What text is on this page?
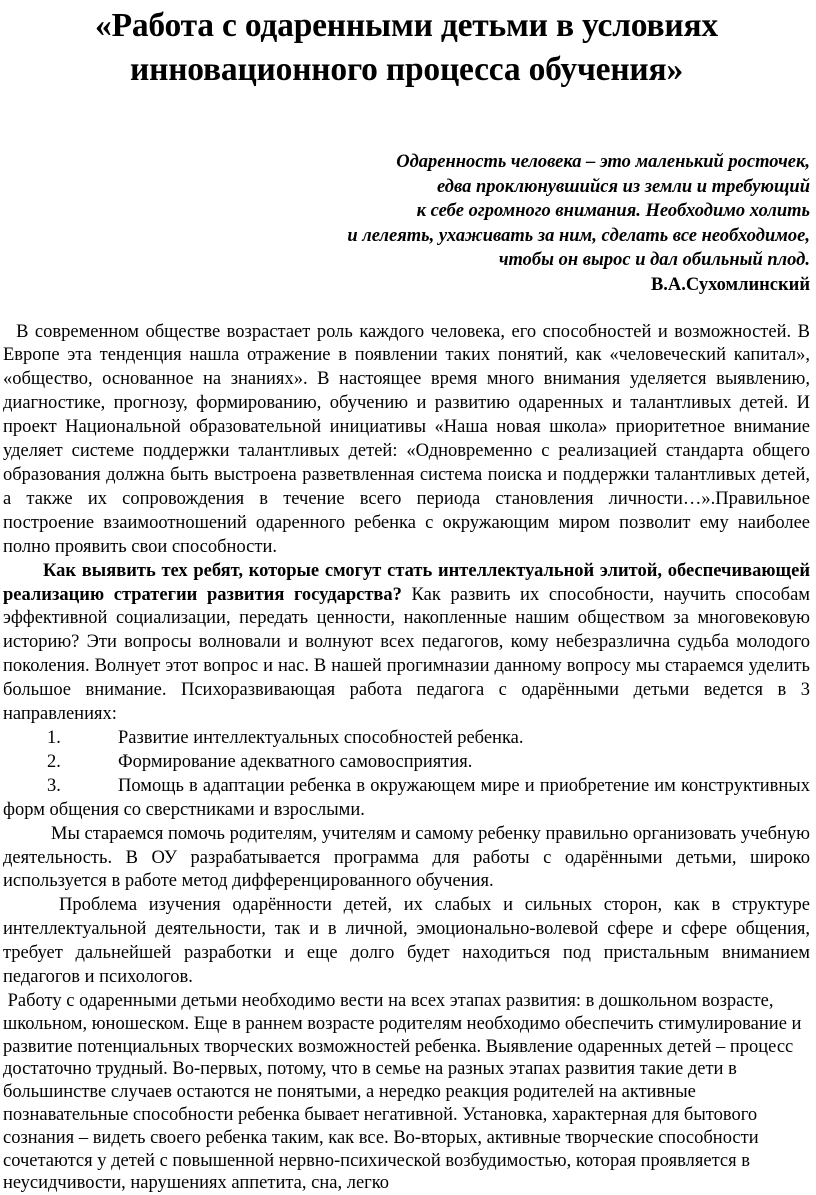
«Работа с одаренными детьми в условиях
инновационного процесса обучения»
Одаренность человека – это маленький росточек,
едва проклюнувшийся из земли и требующий
к себе огромного внимания. Необходимо холить
и лелеять, ухаживать за ним, сделать все необходимое,
чтобы он вырос и дал обильный плод.
В.А.Сухомлинский

В современном обществе возрастает роль каждого человека, его способностей и возможностей. В Европе эта тенденция нашла отражение в появлении таких понятий, как «человеческий капитал», «общество, основанное на знаниях». В настоящее время много внимания уделяется выявлению, диагностике, прогнозу, формированию, обучению и развитию одаренных и талантливых детей. И проект Национальной образовательной инициативы «Наша новая школа» приоритетное внимание уделяет системе поддержки талантливых детей: «Одновременно с реализацией стандарта общего образования должна быть выстроена разветвленная система поиска и поддержки талантливых детей, а также их сопровождения в течение всего периода становления личности…».Правильное построение взаимоотношений одаренного ребенка с окружающим миром позволит ему наиболее полно проявить свои способности.

Как выявить тех ребят, которые смогут стать интеллектуальной элитой, обеспечивающей реализацию стратегии развития государства? Как развить их способности, научить способам эффективной социализации, передать ценности, накопленные нашим обществом за многовековую историю? Эти вопросы волновали и волнуют всех педагогов, кому небезразлична судьба молодого поколения. Волнует этот вопрос и нас. В нашей прогимназии данному вопросу мы стараемся уделить большое внимание. Психоразвивающая работа педагога с одарёнными детьми ведется в 3 направлениях:

1.	Развитие интеллектуальных способностей ребенка.
2.	Формирование адекватного самовосприятия.

3.	Помощь в адаптации ребенка в окружающем мире и приобретение им конструктивных форм общения со сверстниками и взрослыми.

Мы стараемся помочь родителям, учителям и самому ребенку правильно организовать учебную деятельность. В ОУ разрабатывается программа для работы с одарёнными детьми, широко используется в работе метод дифференцированного обучения.

Проблема изучения одарённости детей, их слабых и сильных сторон, как в структуре интеллектуальной деятельности, так и в личной, эмоционально-волевой сфере и сфере общения, требует дальнейшей разработки и еще долго будет находиться под пристальным вниманием педагогов и психологов.

Работу с одаренными детьми необходимо вести на всех этапах развития: в дошкольном возрасте, школьном, юношеском. Еще в раннем возрасте родителям необходимо обеспечить стимулирование и развитие потенциальных творческих возможностей ребенка. Выявление одаренных детей – процесс достаточно трудный. Во-первых, потому, что в семье на разных этапах развития такие дети в большинстве случаев остаются не понятыми, а нередко реакция родителей на активные познавательные способности ребенка бывает негативной. Установка, характерная для бытового сознания – видеть своего ребенка таким, как все. Во-вторых, активные творческие способности сочетаются у детей с повышенной нервно-психической возбудимостью, которая проявляется в неусидчивости, нарушениях аппетита, сна, легко
